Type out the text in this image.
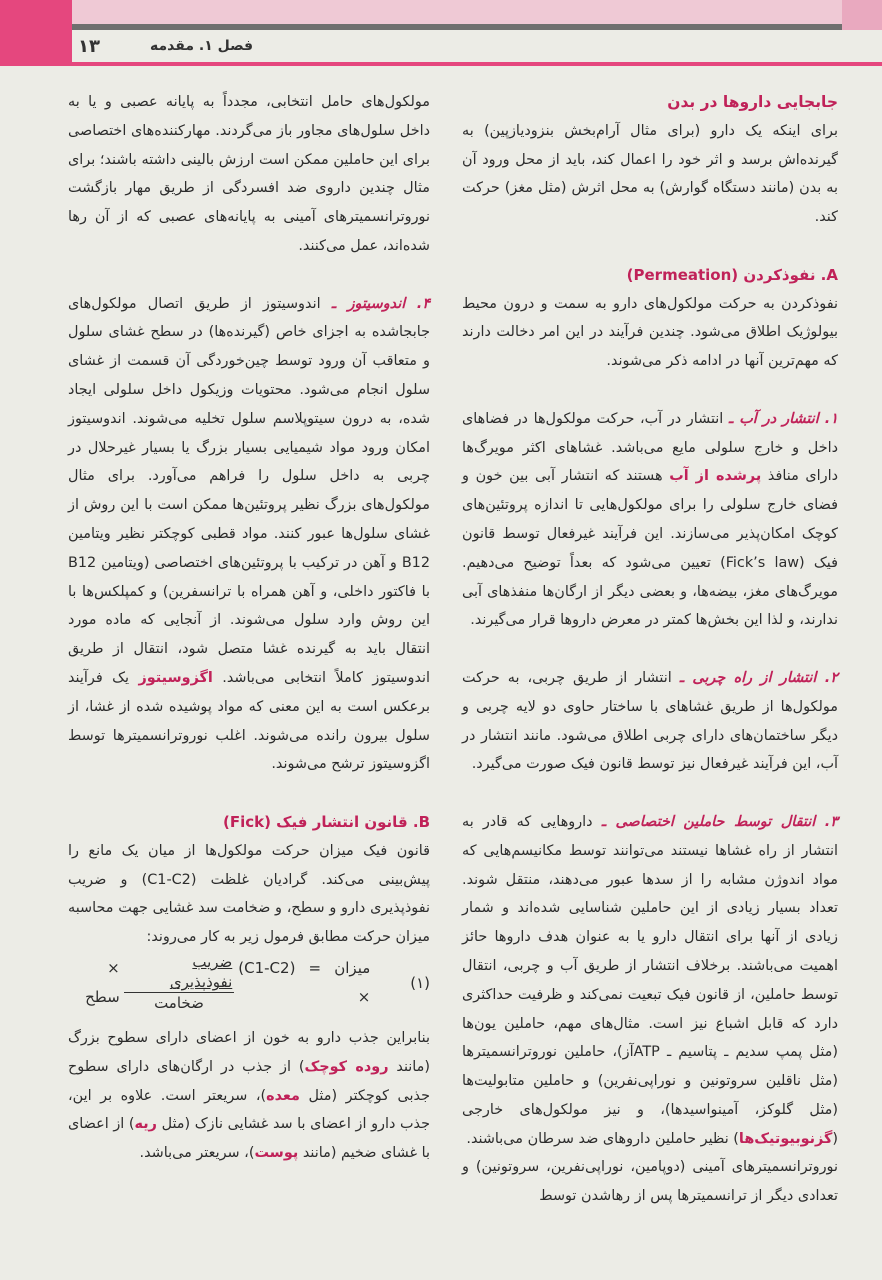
۱۳	فصل ۱. مقدمه

جابجایی داروها در بدن

برای اینکه یک دارو (برای مثال آرام‌بخش بنزودیازپین) به گیرنده‌اش برسد و اثر خود را اعمال کند، باید از محل ورود آن به بدن (مانند دستگاه گوارش) به محل اثرش (مثل مغز) حرکت کند.

A. نفوذکردن (Permeation)

نفوذکردن به حرکت مولکول‌های دارو به سمت و درون محیط بیولوژیک اطلاق می‌شود. چندین فرآیند در این امر دخالت دارند که مهم‌ترین آنها در ادامه ذکر می‌شوند.

۱. انتشار در آب ـ انتشار در آب، حرکت مولکول‌ها در فضاهای داخل و خارج سلولی مایع می‌باشد. غشاهای اکثر مویرگ‌ها دارای منافذ پرشده از آب هستند که انتشار آبی بین خون و فضای خارج سلولی را برای مولکول‌هایی تا اندازه پروتئین‌های کوچک امکان‌پذیر می‌سازند. این فرآیند غیرفعال توسط قانون فیک (Fick’s law) تعیین می‌شود که بعداً توضیح می‌دهیم. مویرگ‌های مغز، بیضه‌ها، و بعضی دیگر از ارگان‌ها منفذهای آبی ندارند، و لذا این بخش‌ها کمتر در معرض داروها قرار می‌گیرند.

۲. انتشار از راه چربی ـ انتشار از طریق چربی، به حرکت مولکول‌ها از طریق غشاهای با ساختار حاوی دو لایه چربی و دیگر ساختمان‌های دارای چربی اطلاق می‌شود. مانند انتشار در آب، این فرآیند غیرفعال نیز توسط قانون فیک صورت می‌گیرد.

۳. انتقال توسط حاملین اختصاصی ـ داروهایی که قادر به انتشار از راه غشاها نیستند می‌توانند توسط مکانیسم‌هایی که مواد اندوژن مشابه را از سدها عبور می‌دهند، منتقل شوند. تعداد بسیار زیادی از این حاملین شناسایی شده‌اند و شمار زیادی از آنها برای انتقال دارو یا به عنوان هدف داروها حائز اهمیت می‌باشند. برخلاف انتشار از طریق آب و چربی، انتقال توسط حاملین، از قانون فیک تبعیت نمی‌کند و ظرفیت حداکثری دارد که قابل اشباع نیز است. مثال‌های مهم، حاملین یون‌ها (مثل پمپ سدیم ـ پتاسیم ـ ATPآز)، حاملین نوروترانسمیترها (مثل ناقلین سروتونین و نوراپی‌نفرین) و حاملین متابولیت‌ها (مثل گلوکز، آمینواسیدها)، و نیز مولکول‌های خارجی (گزنوبیوتیک‌ها) نظیر حاملین داروهای ضد سرطان می‌باشند.

نوروترانسمیترهای آمینی (دوپامین، نوراپی‌نفرین، سروتونین) و تعدادی دیگر از ترانسمیترها پس از رهاشدن توسط

مولکول‌های حامل انتخابی، مجدداً به پایانه عصبی و یا به داخل سلول‌های مجاور باز می‌گردند. مهارکننده‌های اختصاصی برای این حاملین ممکن است ارزش بالینی داشته باشند؛ برای مثال چندین داروی ضد افسردگی از طریق مهار بازگشت نوروترانسمیترهای آمینی به پایانه‌های عصبی که از آن رها شده‌اند، عمل می‌کنند.

۴. اندوسیتوز ـ اندوسیتوز از طریق اتصال مولکول‌های جابجاشده به اجزای خاص (گیرنده‌ها) در سطح غشای سلول و متعاقب آن ورود توسط چین‌خوردگی آن قسمت از غشای سلول انجام می‌شود. محتویات وزیکول داخل سلولی ایجاد شده، به درون سیتوپلاسم سلول تخلیه می‌شوند. اندوسیتوز امکان ورود مواد شیمیایی بسیار بزرگ یا بسیار غیرحلال در چربی به داخل سلول را فراهم می‌آورد. برای مثال مولکول‌های بزرگ نظیر پروتئین‌ها ممکن است با این روش از غشای سلول‌ها عبور کنند. مواد قطبی کوچکتر نظیر ویتامین B12 و آهن در ترکیب با پروتئین‌های اختصاصی (ویتامین B12 با فاکتور داخلی، و آهن همراه با ترانسفرین) و کمپلکس‌ها با این روش وارد سلول می‌شوند. از آنجایی که ماده مورد انتقال باید به گیرنده غشا متصل شود، انتقال از طریق اندوسیتوز کاملاً انتخابی می‌باشد. اگزوسیتوز یک فرآیند برعکس است به این معنی که مواد پوشیده شده از غشا، از سلول بیرون رانده می‌شوند. اغلب نوروترانسمیترها توسط اگزوسیتوز ترشح می‌شوند.

B. قانون انتشار فیک (Fick)

قانون فیک میزان حرکت مولکول‌ها از میان یک مانع را پیش‌بینی می‌کند. گرادیان غلظت (C1-C2) و ضریب نفوذپذیری دارو و سطح، و ضخامت سد غشایی جهت محاسبه میزان حرکت مطابق فرمول زیر به کار می‌روند:

(۱)
میزان = (C1-C2) ×
$\frac{\text{ضریب نفوذپذیری}}{\text{ضخامت}}$
× سطح

بنابراین جذب دارو به خون از اعضای دارای سطوح بزرگ (مانند روده کوچک) از جذب در ارگان‌های دارای سطوح جذبی کوچکتر (مثل معده)، سریعتر است. علاوه بر این، جذب دارو از اعضای با سد غشایی نازک (مثل ریه) از اعضای با غشای ضخیم (مانند پوست)، سریعتر می‌باشد.
